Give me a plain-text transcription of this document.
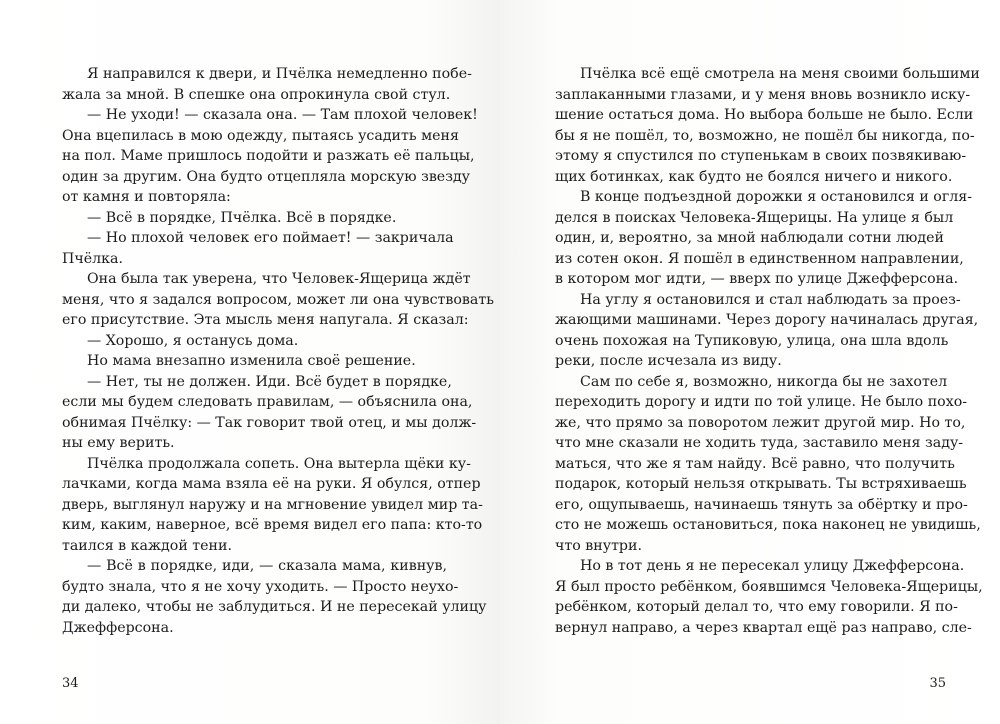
Я направился к двери, и Пчёлка немедленно побе-
жала за мной. В спешке она опрокинула свой стул.
— Не уходи! — сказала она. — Там плохой человек!
Она вцепилась в мою одежду, пытаясь усадить меня
на пол. Маме пришлось подойти и разжать её пальцы,
один за другим. Она будто отцепляла морскую звезду
от камня и повторяла:
— Всё в порядке, Пчёлка. Всё в порядке.
— Но плохой человек его поймает! — закричала
Пчёлка.
Она была так уверена, что Человек-Ящерица ждёт
меня, что я задался вопросом, может ли она чувствовать
его присутствие. Эта мысль меня напугала. Я сказал:
— Хорошо, я останусь дома.
Но мама внезапно изменила своё решение.
— Нет, ты не должен. Иди. Всё будет в порядке,
если мы будем следовать правилам, — объяснила она,
обнимая Пчёлку: — Так говорит твой отец, и мы долж-
ны ему верить.
Пчёлка продолжала сопеть. Она вытерла щёки ку-
лачками, когда мама взяла её на руки. Я обулся, отпер
дверь, выглянул наружу и на мгновение увидел мир та-
ким, каким, наверное, всё время видел его папа: кто-то
таился в каждой тени.
— Всё в порядке, иди, — сказала мама, кивнув,
будто знала, что я не хочу уходить. — Просто неухо-
ди далеко, чтобы не заблудиться. И не пересекай улицу
Джефферсона.
34
Пчёлка всё ещё смотрела на меня своими большими
заплаканными глазами, и у меня вновь возникло иску-
шение остаться дома. Но выбора больше не было. Если
бы я не пошёл, то, возможно, не пошёл бы никогда, по-
этому я спустился по ступенькам в своих позвякиваю-
щих ботинках, как будто не боялся ничего и никого.
В конце подъездной дорожки я остановился и огля-
делся в поисках Человека-Ящерицы. На улице я был
один, и, вероятно, за мной наблюдали сотни людей
из сотен окон. Я пошёл в единственном направлении,
в котором мог идти, — вверх по улице Джефферсона.
На углу я остановился и стал наблюдать за проез-
жающими машинами. Через дорогу начиналась другая,
очень похожая на Тупиковую, улица, она шла вдоль
реки, после исчезала из виду.
Сам по себе я, возможно, никогда бы не захотел
переходить дорогу и идти по той улице. Не было похо-
же, что прямо за поворотом лежит другой мир. Но то,
что мне сказали не ходить туда, заставило меня заду-
маться, что же я там найду. Всё равно, что получить
подарок, который нельзя открывать. Ты встряхиваешь
его, ощупываешь, начинаешь тянуть за обёртку и про-
сто не можешь остановиться, пока наконец не увидишь,
что внутри.
Но в тот день я не пересекал улицу Джефферсона.
Я был просто ребёнком, боявшимся Человека-Ящерицы,
ребёнком, который делал то, что ему говорили. Я по-
вернул направо, а через квартал ещё раз направо, сле-
35
